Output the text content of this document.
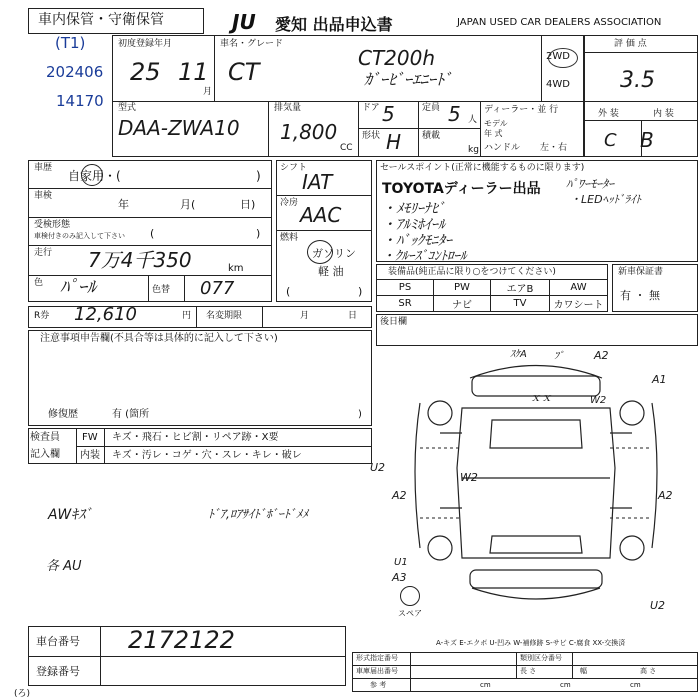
車内保管・守衛保管	JU 愛知 出品申込書	JAPAN USED CAR DEALERS ASSOCIATION
(T1)
202406
14170
初度登録年月
25 11
月
車名・グレード
CT	CT200h
ｶﾞｰﾋﾞｰｴﾆｰﾄﾞ
2WD
4WD
評 価 点
3.5
外 装	内 装
C B
型式
DAA-ZWA10
排気量
1,800
CC
ドア 5	定員 5 人
形状 H 積載
kg
ディーラー・並 行
モデル
年 式
ハンドル 左・右
車歴
自家用・(	)
車検
年	月(	日)
受検形態
車検付きのみ記入して下さい (	)
走行 7万4千350	km
色 ﾊﾟｰﾙ	色替 077
シフト
IAT
冷房 AAC
燃料
ガソリン
軽 油
(	)
セールスポイント(正常に機能するものに限ります)
TOYOTAディーラー出品 ﾊﾟﾜｰﾓｰﾀｰ
・LEDﾍｯﾄﾞﾗｲﾄ
・ﾒﾓﾘｰﾅﾋﾞ
・ｱﾙﾐﾎｲｰﾙ
・ﾊﾞｯｸﾓﾆﾀｰ
・ｸﾙｰｽﾞｺﾝﾄﾛｰﾙ
装備品(純正品に限り○をつけてください)
PS	PW	エアB	AW
SR	ナビ	TV	カワシート
新車保証書
有 ・ 無
R券 12,610	円 名変期限	月	日
注意事項申告欄(不具合等は具体的に記入して下さい)
修復歴	有 (箇所	)
後日欄
検査員
記入欄
FW キズ・飛石・ヒビ割・リペア跡・X要
内装 キズ・汚レ・コゲ・穴・スレ・キレ・破レ
AWｷｽﾞ	ﾄﾞｱ,ﾛｱｻｲﾄﾞﾎﾞｰﾄﾞﾒﾒ
各 AU
ｽｹA	ﾌﾟ	A2
A1
W2
ｘｘ
U2
W2
A2	A2
U1
A3
U2
スペア
A-キズ E-エクボ U-凹み W-補修跡 S-サビ C-腐食 XX-交換済
車台番号 2172122
登録番号
(ろ)
形式指定番号
車庫届出番号
類別区分番号
長 さ	幅	高 さ
参 考	cm	cm	cm
